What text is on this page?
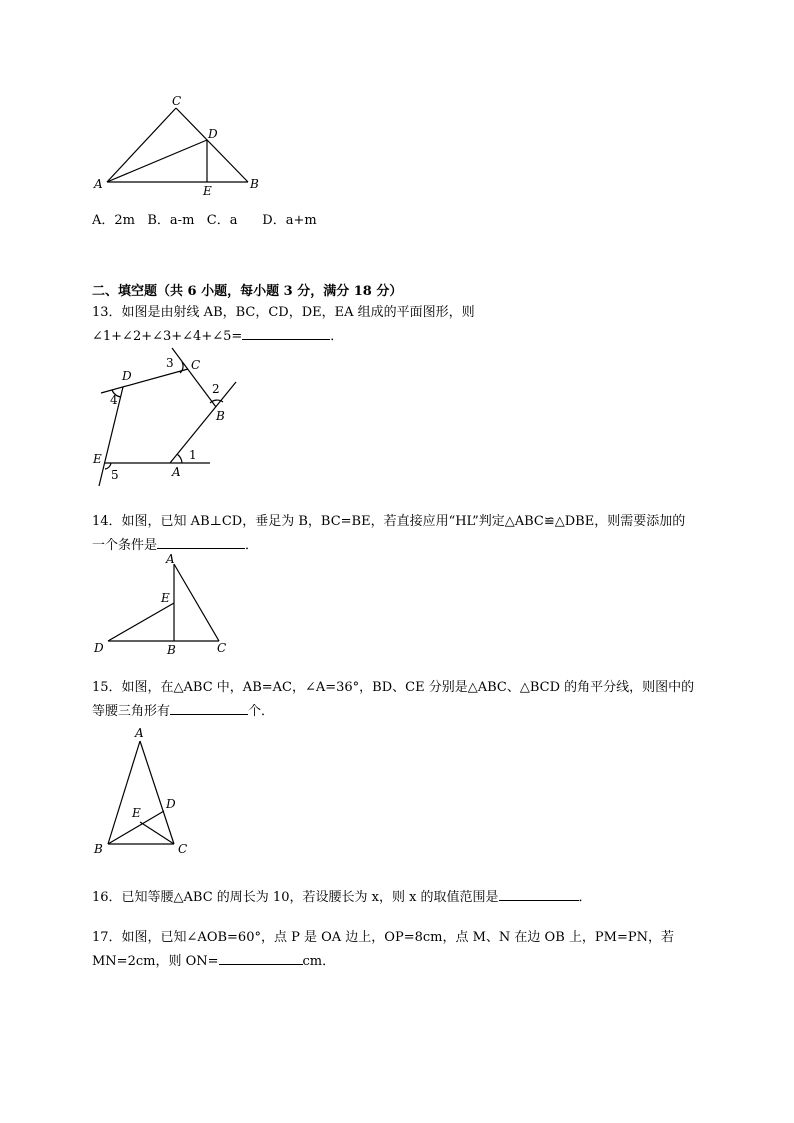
A	B
C
D
E
A．2m   B．a-m   C．a      D．a+m
二、填空题（共 6 小题，每小题 3 分，满分 18 分）
13．如图是由射线 AB，BC，CD，DE，EA 组成的平面图形，则
∠1+∠2+∠3+∠4+∠5=	．
A
B
C
D
E	1
2
3
4
5
14．如图，已知 AB⊥CD，垂足为 B，BC=BE，若直接应用“HL”判定△ABC≌△DBE，则需要添加的
一个条件是	．
A
B	C
D
E
15．如图，在△ABC 中，AB=AC，∠A=36°，BD、CE 分别是△ABC、△BCD 的角平分线，则图中的
等腰三角形有	个．
A
B	C
D
E
16．已知等腰△ABC 的周长为 10，若设腰长为 x，则 x 的取值范围是	．
17．如图，已知∠AOB=60°，点 P 是 OA 边上，OP=8cm，点 M、N 在边 OB 上，PM=PN，若
MN=2cm，则 ON=	cm．
